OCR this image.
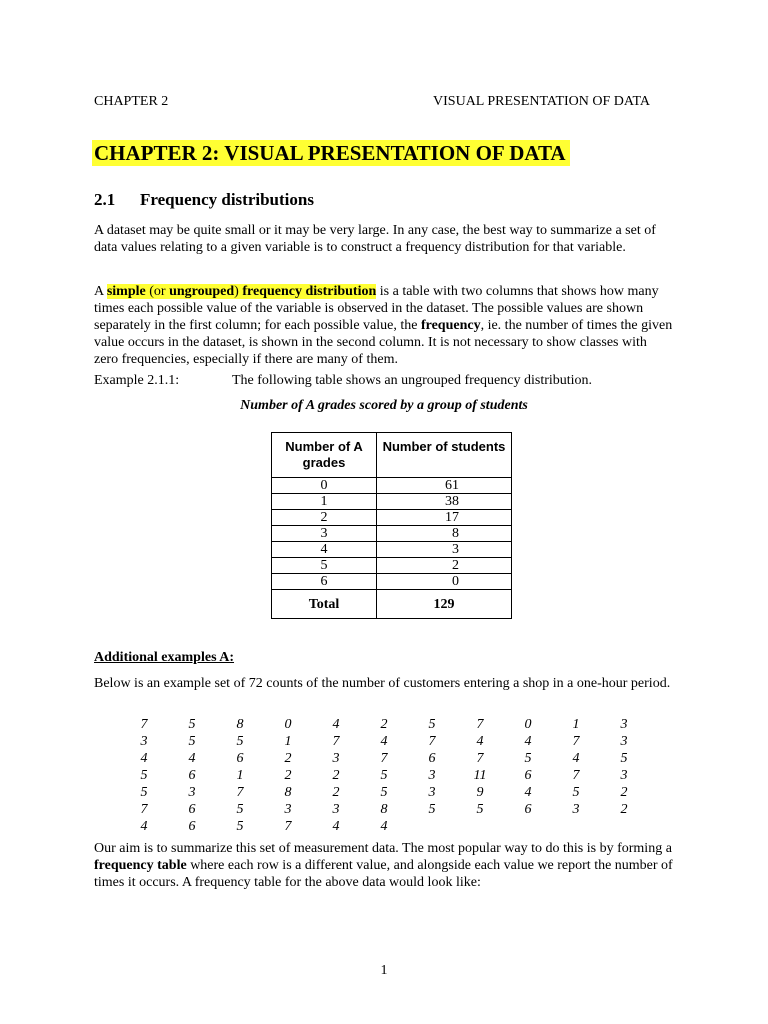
CHAPTER 2	VISUAL PRESENTATION OF DATA
CHAPTER 2: VISUAL PRESENTATION OF DATA
2.1 Frequency distributions
A dataset may be quite small or it may be very large. In any case, the best way to summarize a set of data values relating to a given variable is to construct a frequency distribution for that variable.
A simple (or ungrouped) frequency distribution is a table with two columns that shows how many times each possible value of the variable is observed in the dataset. The possible values are shown separately in the first column; for each possible value, the frequency, ie. the number of times the given value occurs in the dataset, is shown in the second column. It is not necessary to show classes with zero frequencies, especially if there are many of them.
Example 2.1.1:	The following table shows an ungrouped frequency distribution.
Number of A grades scored by a group of students
Number of A grades	Number of students
0	61
1	38
2	17
3	8
4	3
5	2
6	0
Total	129
Additional examples A:
Below is an example set of 72 counts of the number of customers entering a shop in a one-hour period.
7	5	8	0	4	2	5	7	0	1	3
3	5	5	1	7	4	7	4	4	7	3
4	4	6	2	3	7	6	7	5	4	5
5	6	1	2	2	5	3	11	6	7	3
5	3	7	8	2	5	3	9	4	5	2
7	6	5	3	3	8	5	5	6	3	2
4	6	5	7	4	4
Our aim is to summarize this set of measurement data. The most popular way to do this is by forming a frequency table where each row is a different value, and alongside each value we report the number of times it occurs. A frequency table for the above data would look like:
1
